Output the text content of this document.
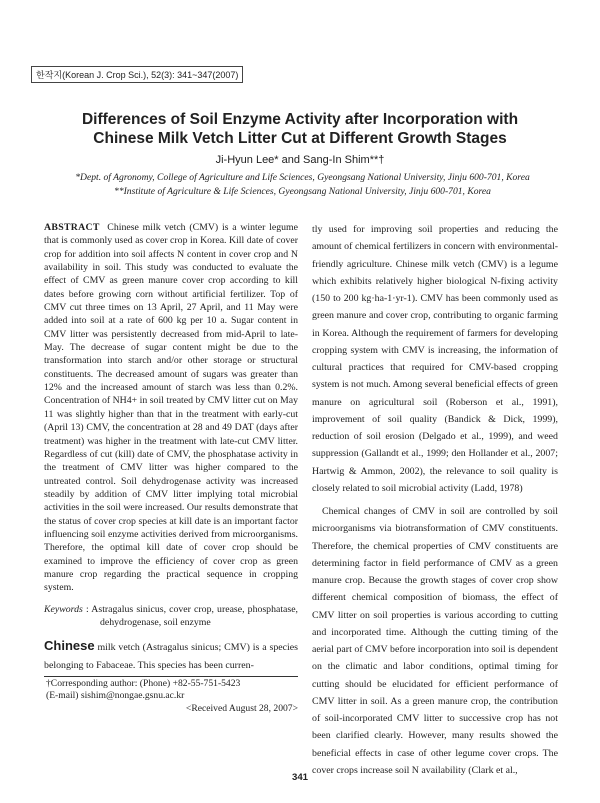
한작지(Korean J. Crop Sci.), 52(3): 341~347(2007)
Differences of Soil Enzyme Activity after Incorporation with
Chinese Milk Vetch Litter Cut at Different Growth Stages
Ji-Hyun Lee* and Sang-In Shim**†
*Dept. of Agronomy, College of Agriculture and Life Sciences, Gyeongsang National University, Jinju 600-701, Korea
**Institute of Agriculture & Life Sciences, Gyeongsang National University, Jinju 600-701, Korea

ABSTRACT Chinese milk vetch (CMV) is a winter legume that is commonly used as cover crop in Korea. Kill date of cover crop for addition into soil affects N content in cover crop and N availability in soil. This study was conducted to evaluate the effect of CMV as green manure cover crop according to kill dates before growing corn without artificial fertilizer. Top of CMV cut three times on 13 April, 27 April, and 11 May were added into soil at a rate of 600 kg per 10 a. Sugar content in CMV litter was persistently decreased from mid-April to late-May. The decrease of sugar content might be due to the transformation into starch and/or other storage or structural constituents. The decreased amount of sugars was greater than 12% and the increased amount of starch was less than 0.2%. Concentration of NH4+ in soil treated by CMV litter cut on May 11 was slightly higher than that in the treatment with early-cut (April 13) CMV, the concentration at 28 and 49 DAT (days after treatment) was higher in the treatment with late-cut CMV litter. Regardless of cut (kill) date of CMV, the phosphatase activity in the treatment of CMV litter was higher compared to the untreated control. Soil dehydrogenase activity was increased steadily by addition of CMV litter implying total microbial activities in the soil were increased. Our results demonstrate that the status of cover crop species at kill date is an important factor influencing soil enzyme activities derived from microorganisms. Therefore, the optimal kill date of cover crop should be examined to improve the efficiency of cover crop as green manure crop regarding the practical sequence in cropping system.

Keywords : Astragalus sinicus, cover crop, urease, phosphatase, dehydrogenase, soil enzyme

Chinese milk vetch (Astragalus sinicus; CMV) is a species belonging to Fabaceae. This species has been curren-

†Corresponding author: (Phone) +82-55-751-5423
(E-mail) sishim@nongae.gsnu.ac.kr
<Received August 28, 2007>

tly used for improving soil properties and reducing the amount of chemical fertilizers in concern with environmental-friendly agriculture. Chinese milk vetch (CMV) is a legume which exhibits relatively higher biological N-fixing activity (150 to 200 kg·ha-1·yr-1). CMV has been commonly used as green manure and cover crop, contributing to organic farming in Korea. Although the requirement of farmers for developing cropping system with CMV is increasing, the information of cultural practices that required for CMV-based cropping system is not much. Among several beneficial effects of green manure on agricultural soil (Roberson et al., 1991), improvement of soil quality (Bandick & Dick, 1999), reduction of soil erosion (Delgado et al., 1999), and weed suppression (Gallandt et al., 1999; den Hollander et al., 2007; Hartwig & Ammon, 2002), the relevance to soil quality is closely related to soil microbial activity (Ladd, 1978)

Chemical changes of CMV in soil are controlled by soil microorganisms via biotransformation of CMV constituents. Therefore, the chemical properties of CMV constituents are determining factor in field performance of CMV as a green manure crop. Because the growth stages of cover crop show different chemical composition of biomass, the effect of CMV litter on soil properties is various according to cutting and incorporated time. Although the cutting timing of the aerial part of CMV before incorporation into soil is dependent on the climatic and labor conditions, optimal timing for cutting should be elucidated for efficient performance of CMV litter in soil. As a green manure crop, the contribution of soil-incorporated CMV litter to successive crop has not been clarified clearly. However, many results showed the beneficial effects in case of other legume cover crops. The cover crops increase soil N availability (Clark et al.,

341
